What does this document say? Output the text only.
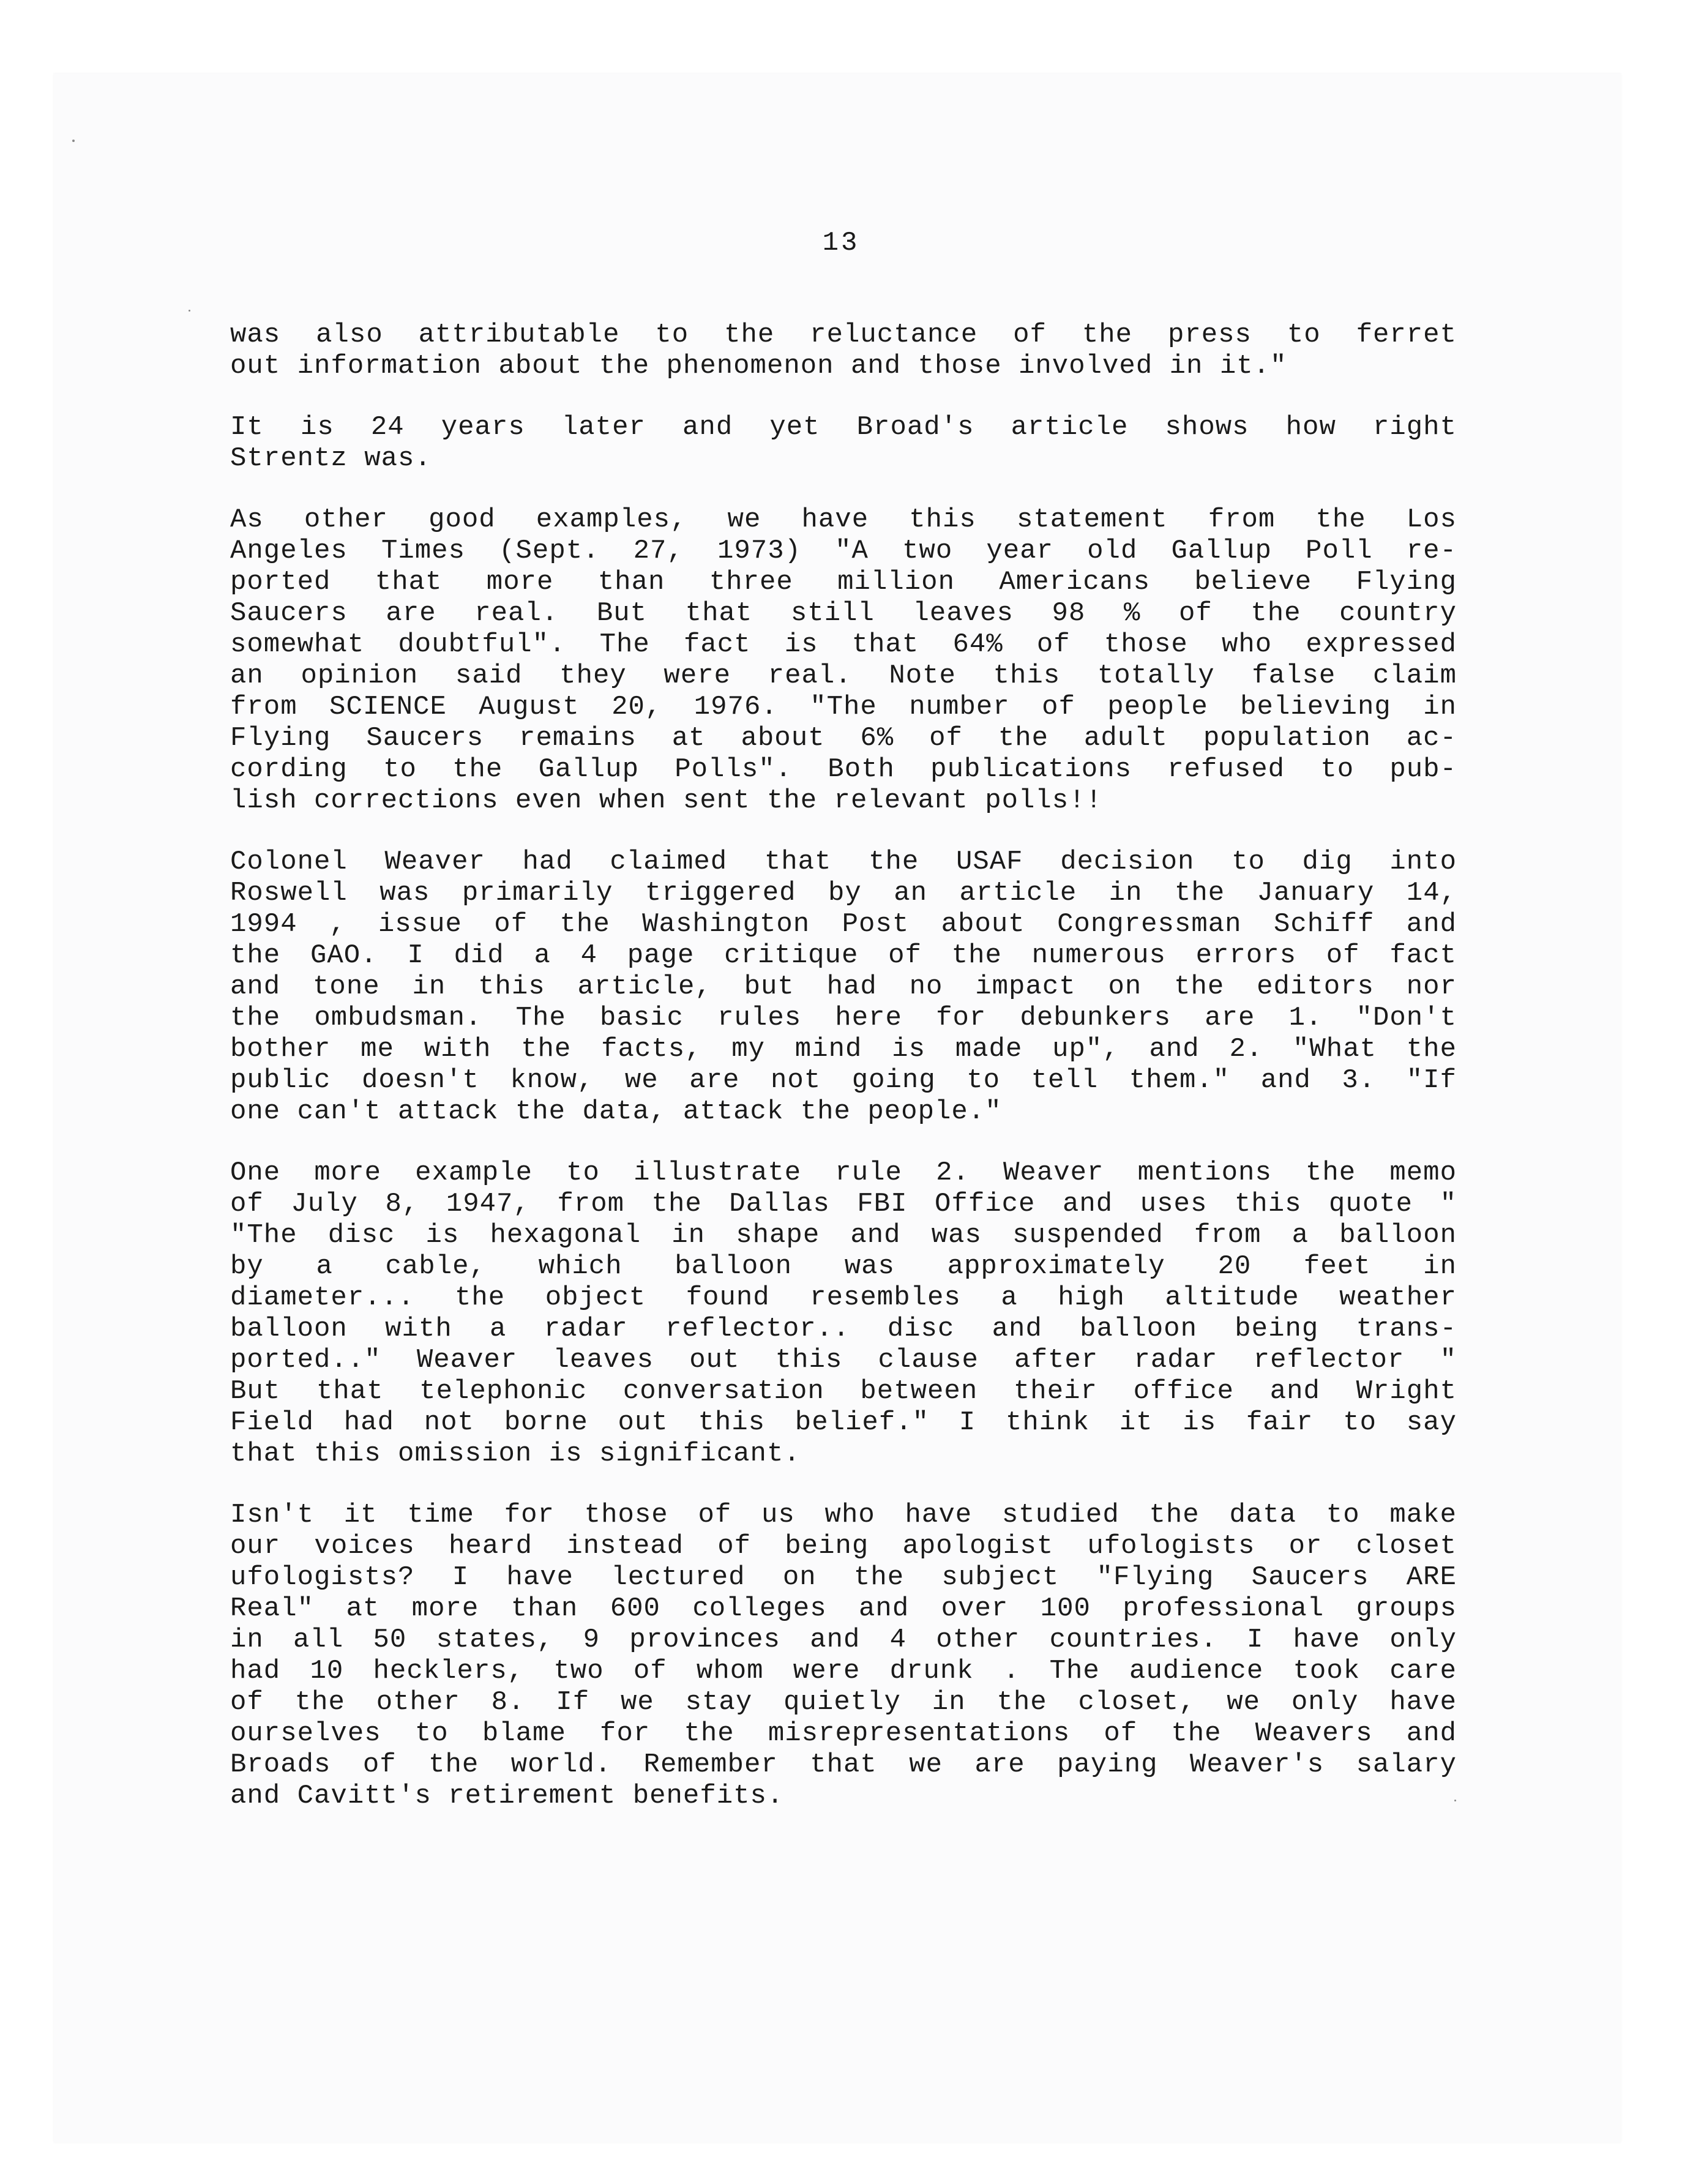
13
was also attributable to the reluctance of the press to ferret
out information about the phenomenon and those involved in it."
It is 24 years later and yet Broad's article shows how right
Strentz was.
As other good examples, we have this statement from the Los
Angeles Times (Sept. 27, 1973) "A two year old Gallup Poll re-
ported that more than three million Americans believe Flying
Saucers are real. But that still leaves 98 % of the country
somewhat doubtful". The fact is that 64% of those who expressed
an opinion said they were real. Note this totally false claim
from SCIENCE August 20, 1976. "The number of people believing in
Flying Saucers remains at about 6% of the adult population ac-
cording to the Gallup Polls". Both publications refused to pub-
lish corrections even when sent the relevant polls!!
Colonel Weaver had claimed that the USAF decision to dig into
Roswell was primarily triggered by an article in the January 14,
1994 , issue of the Washington Post about Congressman Schiff and
the GAO. I did a 4 page critique of the numerous errors of fact
and tone in this article, but had no impact on the editors nor
the ombudsman. The basic rules here for debunkers are 1. "Don't
bother me with the facts, my mind is made up", and 2. "What the
public doesn't know, we are not going to tell them." and 3. "If
one can't attack the data, attack the people."
One more example to illustrate rule 2. Weaver mentions the memo
of July 8, 1947, from the Dallas FBI Office and uses this quote "
"The disc is hexagonal in shape and was suspended from a balloon
by a cable, which balloon was approximately 20 feet in
diameter... the object found resembles a high altitude weather
balloon with a radar reflector.. disc and balloon being trans-
ported.." Weaver leaves out this clause after radar reflector "
But that telephonic conversation between their office and Wright
Field had not borne out this belief." I think it is fair to say
that this omission is significant.
Isn't it time for those of us who have studied the data to make
our voices heard instead of being apologist ufologists or closet
ufologists? I have lectured on the subject "Flying Saucers ARE
Real" at more than 600 colleges and over 100 professional groups
in all 50 states, 9 provinces and 4 other countries. I have only
had 10 hecklers, two of whom were drunk . The audience took care
of the other 8. If we stay quietly in the closet, we only have
ourselves to blame for the misrepresentations of the Weavers and
Broads of the world. Remember that we are paying Weaver's salary
and Cavitt's retirement benefits.
